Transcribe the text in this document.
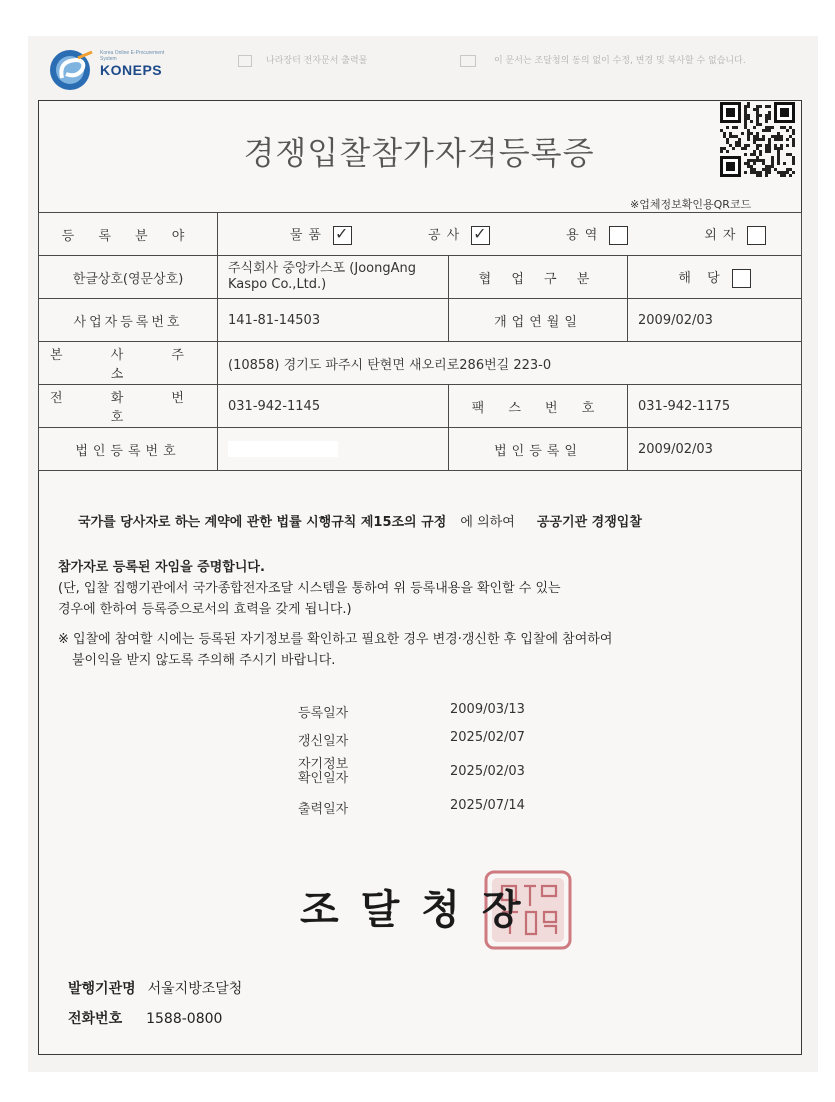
Korea Online E-Procurement System
KONEPS
나라장터 전자문서 출력물	이 문서는 조달청의 동의 없이 수정, 변경 및 복사할 수 없습니다.
경쟁입찰참가자격등록증
※업체정보확인용QR코드
등 록 분 야	물품 ✓ 공사 ✓ 용역 외자
한글상호(영문상호)	주식회사 중앙카스포 (JoongAng Kaspo Co.,Ltd.)	협 업 구 분	해 당
사업자등록번호	141-81-14503	개업연월일	2009/02/03
본 사 주 소	(10858) 경기도 파주시 탄현면 새오리로286번길 223-0		
전 화 번 호	031-942-1145	팩 스 번 호	031-942-1175
법인등록번호		법인등록일	2009/02/03
국가를 당사자로 하는 계약에 관한 법률 시행규칙 제15조의 규정 에 의하여 공공기관 경쟁입찰
참가자로 등록된 자임을 증명합니다.
(단, 입찰 집행기관에서 국가종합전자조달 시스템을 통하여 위 등록내용을 확인할 수 있는
경우에 한하여 등록증으로서의 효력을 갖게 됩니다.)
※ 입찰에 참여할 시에는 등록된 자기정보를 확인하고 필요한 경우 변경·갱신한 후 입찰에 참여하여
불이익을 받지 않도록 주의해 주시기 바랍니다.
등록일자	2009/03/13
갱신일자	2025/02/07
자기정보
확인일자	2025/02/03
출력일자	2025/07/14
조달청장
발행기관명 서울지방조달청
전화번호 1588-0800
